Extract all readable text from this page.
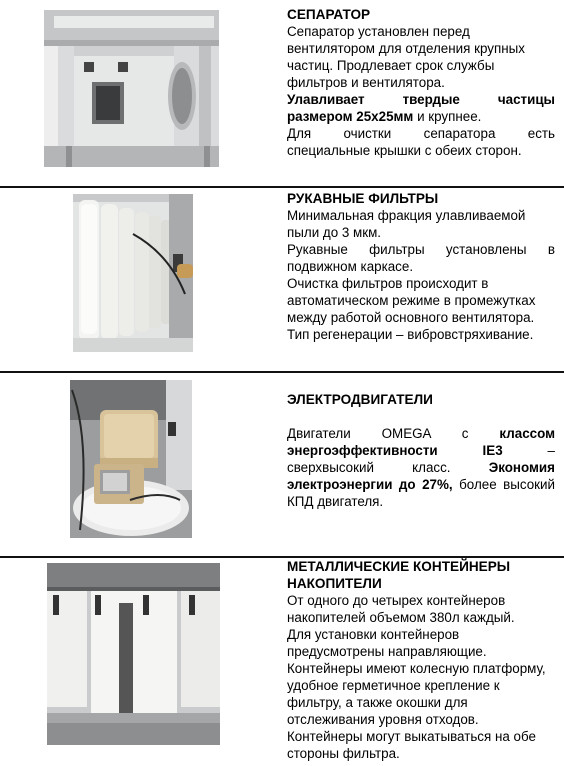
СЕПАРАТОР
Сепаратор установлен перед вентилятором для отделения крупных частиц. Продлевает срок службы фильтров и вентилятора.
Улавливает твердые частицы размером 25х25мм и крупнее.
Для очистки сепаратора есть специальные крышки с обеих сторон.
РУКАВНЫЕ ФИЛЬТРЫ
Минимальная фракция улавливаемой пыли до 3 мкм.
Рукавные фильтры установлены в подвижном каркасе.
Очистка фильтров происходит в автоматическом режиме в промежутках между работой основного вентилятора. Тип регенерации – вибровстряхивание.
ЭЛЕКТРОДВИГАТЕЛИ
Двигатели OMEGA с классом энергоэффективности IE3	– сверхвысокий класс.	Экономия электроэнергии до 27%, более высокий КПД двигателя.
МЕТАЛЛИЧЕСКИЕ КОНТЕЙНЕРЫ НАКОПИТЕЛИ
От одного до четырех контейнеров накопителей объемом 380л каждый.
Для установки контейнеров предусмотрены направляющие.
Контейнеры имеют колесную платформу, удобное герметичное крепление к фильтру, а также окошки для отслеживания уровня отходов.
Контейнеры могут выкатываться на обе стороны фильтра.
